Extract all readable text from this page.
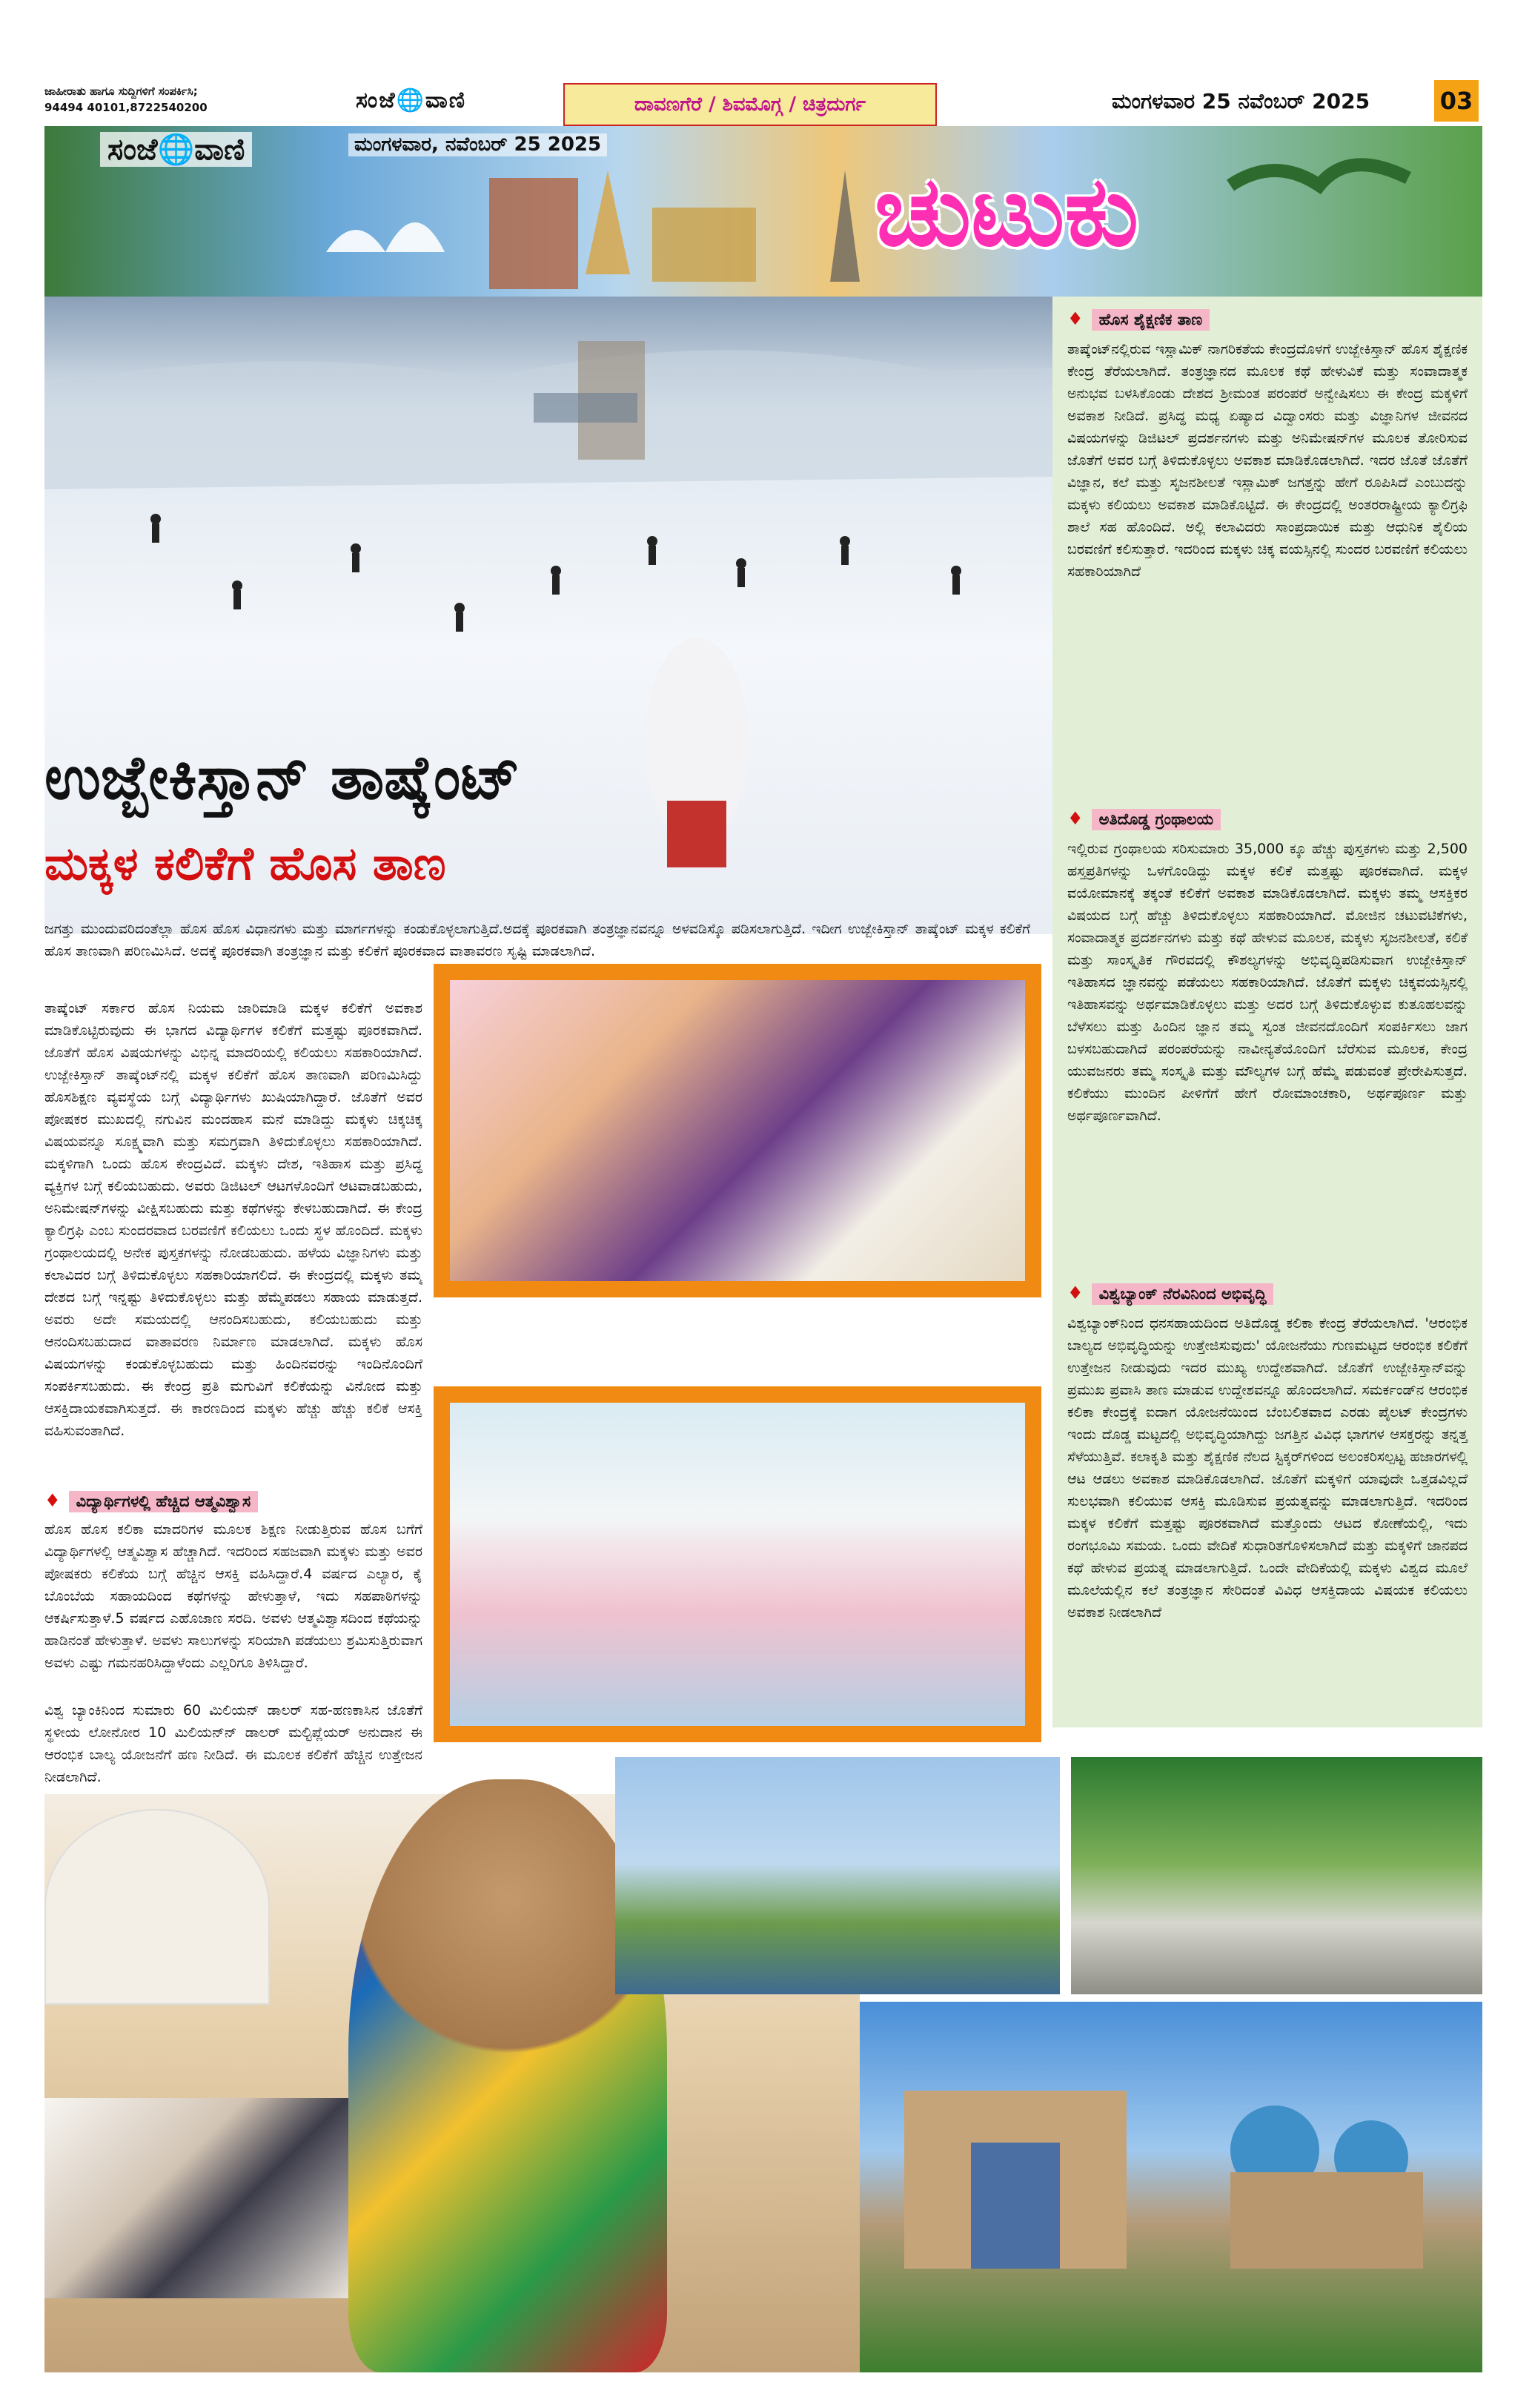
ಜಾಹೀರಾತು ಹಾಗೂ ಸುದ್ದಿಗಳಿಗೆ ಸಂಪರ್ಕಿಸಿ;
94494 40101,8722540200	ಸಂಜೆ🌐ವಾಣಿ	ದಾವಣಗೆರೆ / ಶಿವಮೊಗ್ಗ / ಚಿತ್ರದುರ್ಗ	ಮಂಗಳವಾರ 25 ನವೆಂಬರ್ 2025	03
ಸಂಜೆ🌐ವಾಣಿ	ಮಂಗಳವಾರ, ನವೆಂಬರ್ 25 2025
ಚುಟುಕು
ಉಜ್ಬೇಕಿಸ್ತಾನ್ ತಾಷ್ಕೆಂಟ್
ಮಕ್ಕಳ ಕಲಿಕೆಗೆ ಹೊಸ ತಾಣ
♦ ಹೊಸ ಶೈಕ್ಷಣಿಕ ತಾಣ
ತಾಷ್ಕೆಂಟ್‌ನಲ್ಲಿರುವ ಇಸ್ಲಾಮಿಕ್ ನಾಗರಿಕತೆಯ ಕೇಂದ್ರದೊಳಗೆ ಉಜ್ಬೇಕಿಸ್ತಾನ್ ಹೊಸ ಶೈಕ್ಷಣಿಕ ಕೇಂದ್ರ ತೆರೆಯಲಾಗಿದೆ. ತಂತ್ರಜ್ಞಾನದ ಮೂಲಕ ಕಥೆ ಹೇಳುವಿಕೆ ಮತ್ತು ಸಂವಾದಾತ್ಮಕ ಅನುಭವ ಬಳಸಿಕೊಂಡು ದೇಶದ ಶ್ರೀಮಂತ ಪರಂಪರೆ ಅನ್ವೇಷಿಸಲು ಈ ಕೇಂದ್ರ ಮಕ್ಕಳಿಗೆ ಅವಕಾಶ ನೀಡಿದೆ. ಪ್ರಸಿದ್ಧ ಮಧ್ಯ ಏಷ್ಯಾದ ವಿದ್ವಾಂಸರು ಮತ್ತು ವಿಜ್ಞಾನಿಗಳ ಜೀವನದ ವಿಷಯಗಳನ್ನು ಡಿಜಿಟಲ್ ಪ್ರದರ್ಶನಗಳು ಮತ್ತು ಅನಿಮೇಷನ್‌ಗಳ ಮೂಲಕ ತೋರಿಸುವ ಜೊತೆಗೆ ಅವರ ಬಗ್ಗೆ ತಿಳಿದುಕೊಳ್ಳಲು ಅವಕಾಶ ಮಾಡಿಕೊಡಲಾಗಿದೆ. ಇದರ ಜೊತೆ ಜೊತೆಗೆ ವಿಜ್ಞಾನ, ಕಲೆ ಮತ್ತು ಸೃಜನಶೀಲತೆ ಇಸ್ಲಾಮಿಕ್ ಜಗತ್ತನ್ನು ಹೇಗೆ ರೂಪಿಸಿದೆ ಎಂಬುದನ್ನು ಮಕ್ಕಳು ಕಲಿಯಲು ಅವಕಾಶ ಮಾಡಿಕೊಟ್ಟಿದೆ. ಈ ಕೇಂದ್ರದಲ್ಲಿ ಅಂತರರಾಷ್ಟ್ರೀಯ ಕ್ಯಾಲಿಗ್ರಫಿ ಶಾಲೆ ಸಹ ಹೊಂದಿದೆ. ಅಲ್ಲಿ ಕಲಾವಿದರು ಸಾಂಪ್ರದಾಯಿಕ ಮತ್ತು ಆಧುನಿಕ ಶೈಲಿಯ ಬರವಣಿಗೆ ಕಲಿಸುತ್ತಾರೆ. ಇದರಿಂದ ಮಕ್ಕಳು ಚಿಕ್ಕ ವಯಸ್ಸಿನಲ್ಲಿ ಸುಂದರ ಬರವಣಿಗೆ ಕಲಿಯಲು ಸಹಕಾರಿಯಾಗಿದೆ
♦ ಅತಿದೊಡ್ಡ ಗ್ರಂಥಾಲಯ
ಇಲ್ಲಿರುವ ಗ್ರಂಥಾಲಯ ಸರಿಸುಮಾರು 35,000 ಕ್ಕೂ ಹೆಚ್ಚು ಪುಸ್ತಕಗಳು ಮತ್ತು 2,500 ಹಸ್ತಪ್ರತಿಗಳನ್ನು ಒಳಗೊಂಡಿದ್ದು ಮಕ್ಕಳ ಕಲಿಕೆ ಮತ್ತಷ್ಟು ಪೂರಕವಾಗಿದೆ. ಮಕ್ಕಳ ವಯೋಮಾನಕ್ಕೆ ತಕ್ಕಂತೆ ಕಲಿಕೆಗೆ ಅವಕಾಶ ಮಾಡಿಕೊಡಲಾಗಿದೆ. ಮಕ್ಕಳು ತಮ್ಮ ಆಸಕ್ತಿಕರ ವಿಷಯದ ಬಗ್ಗೆ ಹೆಚ್ಚು ತಿಳಿದುಕೊಳ್ಳಲು ಸಹಕಾರಿಯಾಗಿದೆ. ಮೋಜಿನ ಚಟುವಟಿಕೆಗಳು, ಸಂವಾದಾತ್ಮಕ ಪ್ರದರ್ಶನಗಳು ಮತ್ತು ಕಥೆ ಹೇಳುವ ಮೂಲಕ, ಮಕ್ಕಳು ಸೃಜನಶೀಲತೆ, ಕಲಿಕೆ ಮತ್ತು ಸಾಂಸ್ಕೃತಿಕ ಗೌರವದಲ್ಲಿ ಕೌಶಲ್ಯಗಳನ್ನು ಅಭಿವೃದ್ಧಿಪಡಿಸುವಾಗ ಉಜ್ಬೇಕಿಸ್ತಾನ್ ಇತಿಹಾಸದ ಜ್ಞಾನವನ್ನು ಪಡೆಯಲು ಸಹಕಾರಿಯಾಗಿದೆ. ಜೊತೆಗೆ ಮಕ್ಕಳು ಚಿಕ್ಕವಯಸ್ಸಿನಲ್ಲಿ ಇತಿಹಾಸವನ್ನು ಅರ್ಥಮಾಡಿಕೊಳ್ಳಲು ಮತ್ತು ಅದರ ಬಗ್ಗೆ ತಿಳಿದುಕೊಳ್ಳುವ ಕುತೂಹಲವನ್ನು ಬೆಳೆಸಲು ಮತ್ತು ಹಿಂದಿನ ಜ್ಞಾನ ತಮ್ಮ ಸ್ವಂತ ಜೀವನದೊಂದಿಗೆ ಸಂಪರ್ಕಿಸಲು ಜಾಗ ಬಳಸಬಹುದಾಗಿದೆ ಪರಂಪರೆಯನ್ನು ನಾವೀನ್ಯತೆಯೊಂದಿಗೆ ಬೆರೆಸುವ ಮೂಲಕ, ಕೇಂದ್ರ ಯುವಜನರು ತಮ್ಮ ಸಂಸ್ಕೃತಿ ಮತ್ತು ಮೌಲ್ಯಗಳ ಬಗ್ಗೆ ಹೆಮ್ಮೆ ಪಡುವಂತೆ ಪ್ರೇರೇಪಿಸುತ್ತದೆ. ಕಲಿಕೆಯು ಮುಂದಿನ ಪೀಳಿಗೆಗೆ ಹೇಗೆ ರೋಮಾಂಚಕಾರಿ, ಅರ್ಥಪೂರ್ಣ ಮತ್ತು ಅರ್ಥಪೂರ್ಣವಾಗಿದೆ.
♦ ವಿಶ್ವಬ್ಯಾಂಕ್ ನೆರವಿನಿಂದ ಅಭಿವೃದ್ಧಿ
ವಿಶ್ವಬ್ಯಾಂಕ್‌ನಿಂದ ಧನಸಹಾಯದಿಂದ ಅತಿದೊಡ್ಡ ಕಲಿಕಾ ಕೇಂದ್ರ ತೆರೆಯಲಾಗಿದೆ. 'ಆರಂಭಿಕ ಬಾಲ್ಯದ ಅಭಿವೃದ್ಧಿಯನ್ನು ಉತ್ತೇಜಿಸುವುದು' ಯೋಜನೆಯು ಗುಣಮಟ್ಟದ ಆರಂಭಿಕ ಕಲಿಕೆಗೆ ಉತ್ತೇಜನ ನೀಡುವುದು ಇದರ ಮುಖ್ಯ ಉದ್ದೇಶವಾಗಿದೆ. ಜೊತೆಗೆ ಉಜ್ಬೇಕಿಸ್ತಾನ್‌ವನ್ನು ಪ್ರಮುಖ ಪ್ರವಾಸಿ ತಾಣ ಮಾಡುವ ಉದ್ದೇಶವನ್ನೂ ಹೊಂದಲಾಗಿದೆ. ಸಮರ್ಕಂಡ್‌ನ ಆರಂಭಿಕ ಕಲಿಕಾ ಕೇಂದ್ರಕ್ಕೆ ಐದಾಗ ಯೋಜನೆಯಿಂದ ಬೆಂಬಲಿತವಾದ ಎರಡು ಪೈಲಟ್ ಕೇಂದ್ರಗಳು ಇಂದು ದೊಡ್ಡ ಮಟ್ಟದಲ್ಲಿ ಅಭಿವೃದ್ಧಿಯಾಗಿದ್ದು ಜಗತ್ತಿನ ವಿವಿಧ ಭಾಗಗಳ ಆಸಕ್ತರನ್ನು ತನ್ನತ್ತ ಸೆಳೆಯುತ್ತಿವೆ. ಕಲಾಕೃತಿ ಮತ್ತು ಶೈಕ್ಷಣಿಕ ನೆಲದ ಸ್ಟಿಕ್ಕರ್‌ಗಳಿಂದ ಅಲಂಕರಿಸಲ್ಪಟ್ಟ ಹಜಾರಗಳಲ್ಲಿ ಆಟ ಆಡಲು ಅವಕಾಶ ಮಾಡಿಕೊಡಲಾಗಿದೆ. ಜೊತೆಗೆ ಮಕ್ಕಳಿಗೆ ಯಾವುದೇ ಒತ್ತಡವಿಲ್ಲದೆ ಸುಲಭವಾಗಿ ಕಲಿಯುವ ಆಸಕ್ತಿ ಮೂಡಿಸುವ ಪ್ರಯತ್ನವನ್ನು ಮಾಡಲಾಗುತ್ತಿದೆ. ಇದರಿಂದ ಮಕ್ಕಳ ಕಲಿಕೆಗೆ ಮತ್ತಷ್ಟು ಪೂರಕವಾಗಿದೆ ಮತ್ತೊಂದು ಆಟದ ಕೋಣೆಯಲ್ಲಿ, ಇದು ರಂಗಭೂಮಿ ಸಮಯ. ಒಂದು ವೇದಿಕೆ ಸುಧಾರಿತಗೊಳಿಸಲಾಗಿದೆ ಮತ್ತು ಮಕ್ಕಳಿಗೆ ಜಾನಪದ ಕಥೆ ಹೇಳುವ ಪ್ರಯತ್ನ ಮಾಡಲಾಗುತ್ತಿದೆ. ಒಂದೇ ವೇದಿಕೆಯಲ್ಲಿ ಮಕ್ಕಳು ವಿಶ್ವದ ಮೂಲೆ ಮೂಲೆಯಲ್ಲಿನ ಕಲೆ ತಂತ್ರಜ್ಞಾನ ಸೇರಿದಂತೆ ವಿವಿಧ ಆಸಕ್ತಿದಾಯ ವಿಷಯಕ ಕಲಿಯಲು ಅವಕಾಶ ನೀಡಲಾಗಿದೆ
ಜಗತ್ತು ಮುಂದುವರಿದಂತೆಲ್ಲಾ ಹೊಸ ಹೊಸ ವಿಧಾನಗಳು ಮತ್ತು ಮಾರ್ಗಗಳನ್ನು ಕಂಡುಕೊಳ್ಳಲಾಗುತ್ತಿದೆ.ಅದಕ್ಕೆ ಪೂರಕವಾಗಿ ತಂತ್ರಜ್ಞಾನವನ್ನೂ ಅಳವಡಿಸ್ಕೊ ಪಡಿಸಲಾಗುತ್ತಿದೆ. ಇದೀಗ ಉಜ್ಬೇಕಿಸ್ತಾನ್ ತಾಷ್ಕೆಂಟ್ ಮಕ್ಕಳ ಕಲಿಕೆಗೆ ಹೊಸ ತಾಣವಾಗಿ ಪರಿಣಮಿಸಿದೆ. ಅದಕ್ಕೆ ಪೂರಕವಾಗಿ ತಂತ್ರಜ್ಞಾನ ಮತ್ತು ಕಲಿಕೆಗೆ ಪೂರಕವಾದ ವಾತಾವರಣ ಸೃಷ್ಟಿ ಮಾಡಲಾಗಿದೆ.
ತಾಷ್ಕೆಂಟ್ ಸರ್ಕಾರ ಹೊಸ ನಿಯಮ ಜಾರಿಮಾಡಿ ಮಕ್ಕಳ ಕಲಿಕೆಗೆ ಅವಕಾಶ ಮಾಡಿಕೊಟ್ಟಿರುವುದು ಈ ಭಾಗದ ವಿದ್ಯಾರ್ಥಿಗಳ ಕಲಿಕೆಗೆ ಮತ್ತಷ್ಟು ಪೂರಕವಾಗಿದೆ. ಜೊತೆಗೆ ಹೊಸ ವಿಷಯಗಳನ್ನು ವಿಭಿನ್ನ ಮಾದರಿಯಲ್ಲಿ ಕಲಿಯಲು ಸಹಕಾರಿಯಾಗಿದೆ. ಉಜ್ಬೇಕಿಸ್ತಾನ್ ತಾಷ್ಕೆಂಟ್‌ನಲ್ಲಿ ಮಕ್ಕಳ ಕಲಿಕೆಗೆ ಹೊಸ ತಾಣವಾಗಿ ಪರಿಣಮಿಸಿದ್ದು ಹೊಸಶಿಕ್ಷಣ ವ್ಯವಸ್ಥೆಯ ಬಗ್ಗೆ ವಿದ್ಯಾರ್ಥಿಗಳು ಖುಷಿಯಾಗಿದ್ದಾರೆ. ಜೊತೆಗೆ ಅವರ ಪೋಷಕರ ಮುಖದಲ್ಲಿ ನಗುವಿನ ಮಂದಹಾಸ ಮನೆ ಮಾಡಿದ್ದು ಮಕ್ಕಳು ಚಿಕ್ಕಚಿಕ್ಕ ವಿಷಯವನ್ನೂ ಸೂಕ್ಷ್ಮವಾಗಿ ಮತ್ತು ಸಮಗ್ರವಾಗಿ ತಿಳಿದುಕೊಳ್ಳಲು ಸಹಕಾರಿಯಾಗಿದೆ. ಮಕ್ಕಳಿಗಾಗಿ ಒಂದು ಹೊಸ ಕೇಂದ್ರವಿದೆ. ಮಕ್ಕಳು ದೇಶ, ಇತಿಹಾಸ ಮತ್ತು ಪ್ರಸಿದ್ಧ ವ್ಯಕ್ತಿಗಳ ಬಗ್ಗೆ ಕಲಿಯಬಹುದು. ಅವರು ಡಿಜಿಟಲ್ ಆಟಗಳೊಂದಿಗೆ ಆಟವಾಡಬಹುದು, ಅನಿಮೇಷನ್‌ಗಳನ್ನು ವೀಕ್ಷಿಸಬಹುದು ಮತ್ತು ಕಥೆಗಳನ್ನು ಕೇಳಬಹುದಾಗಿದೆ. ಈ ಕೇಂದ್ರ ಕ್ಯಾಲಿಗ್ರಫಿ ಎಂಬ ಸುಂದರವಾದ ಬರವಣಿಗೆ ಕಲಿಯಲು ಒಂದು ಸ್ಥಳ ಹೊಂದಿದೆ. ಮಕ್ಕಳು ಗ್ರಂಥಾಲಯದಲ್ಲಿ ಅನೇಕ ಪುಸ್ತಕಗಳನ್ನು ನೋಡಬಹುದು. ಹಳೆಯ ವಿಜ್ಞಾನಿಗಳು ಮತ್ತು ಕಲಾವಿದರ ಬಗ್ಗೆ ತಿಳಿದುಕೊಳ್ಳಲು ಸಹಕಾರಿಯಾಗಲಿದೆ. ಈ ಕೇಂದ್ರದಲ್ಲಿ ಮಕ್ಕಳು ತಮ್ಮ ದೇಶದ ಬಗ್ಗೆ ಇನ್ನಷ್ಟು ತಿಳಿದುಕೊಳ್ಳಲು ಮತ್ತು ಹೆಮ್ಮೆಪಡಲು ಸಹಾಯ ಮಾಡುತ್ತದೆ. ಅವರು ಅದೇ ಸಮಯದಲ್ಲಿ ಆನಂದಿಸಬಹುದು, ಕಲಿಯಬಹುದು ಮತ್ತು ಆನಂದಿಸಬಹುದಾದ ವಾತಾವರಣ ನಿರ್ಮಾಣ ಮಾಡಲಾಗಿದೆ. ಮಕ್ಕಳು ಹೊಸ ವಿಷಯಗಳನ್ನು ಕಂಡುಕೊಳ್ಳಬಹುದು ಮತ್ತು ಹಿಂದಿನವರನ್ನು ಇಂದಿನೊಂದಿಗೆ ಸಂಪರ್ಕಿಸಬಹುದು. ಈ ಕೇಂದ್ರ ಪ್ರತಿ ಮಗುವಿಗೆ ಕಲಿಕೆಯನ್ನು ವಿನೋದ ಮತ್ತು ಆಸಕ್ತಿದಾಯಕವಾಗಿಸುತ್ತದೆ. ಈ ಕಾರಣದಿಂದ ಮಕ್ಕಳು ಹೆಚ್ಚು ಹೆಚ್ಚು ಕಲಿಕೆ ಆಸಕ್ತಿ ವಹಿಸುವಂತಾಗಿದೆ.
♦ ವಿದ್ಯಾರ್ಥಿಗಳಲ್ಲಿ ಹೆಚ್ಚಿದ ಆತ್ಮವಿಶ್ವಾಸ
ಹೊಸ ಹೊಸ ಕಲಿಕಾ ಮಾದರಿಗಳ ಮೂಲಕ ಶಿಕ್ಷಣ ನೀಡುತ್ತಿರುವ ಹೊಸ ಬಗೆಗೆ ವಿದ್ಯಾರ್ಥಿಗಳಲ್ಲಿ ಆತ್ಮವಿಶ್ವಾಸ ಹೆಚ್ಚಾಗಿದೆ. ಇದರಿಂದ ಸಹಜವಾಗಿ ಮಕ್ಕಳು ಮತ್ತು ಅವರ ಪೋಷಕರು ಕಲಿಕೆಯ ಬಗ್ಗೆ ಹೆಚ್ಚಿನ ಆಸಕ್ತಿ ವಹಿಸಿದ್ದಾರೆ.4 ವರ್ಷದ ಎಲ್ಯಾರ, ಕೈ ಬೊಂಬೆಯ ಸಹಾಯದಿಂದ ಕಥೆಗಳನ್ನು ಹೇಳುತ್ತಾಳೆ, ಇದು ಸಹಪಾಠಿಗಳನ್ನು ಆಕರ್ಷಿಸುತ್ತಾಳೆ.5 ವರ್ಷದ ಎಹೊಜಾಣ ಸರದಿ. ಅವಳು ಆತ್ಮವಿಶ್ವಾಸದಿಂದ ಕಥೆಯನ್ನು ಹಾಡಿನಂತೆ ಹೇಳುತ್ತಾಳೆ. ಅವಳು ಸಾಲುಗಳನ್ನು ಸರಿಯಾಗಿ ಪಡೆಯಲು ಶ್ರಮಿಸುತ್ತಿರುವಾಗ ಅವಳು ಎಷ್ಟು ಗಮನಹರಿಸಿದ್ದಾಳೆಂದು ಎಲ್ಲರಿಗೂ ತಿಳಿಸಿದ್ದಾರೆ.
ವಿಶ್ವ ಬ್ಯಾಂಕಿನಿಂದ ಸುಮಾರು 60 ಮಿಲಿಯನ್ ಡಾಲರ್ ಸಹ-ಹಣಕಾಸಿನ ಜೊತೆಗೆ ಸ್ಥಳೀಯ ಲೋನೋರ 10 ಮಿಲಿಯನ್‌ನ್ ಡಾಲರ್ ಮಲ್ಟಿಪ್ಲೆಯರ್ ಅನುದಾನ ಈ ಆರಂಭಿಕ ಬಾಲ್ಯ ಯೋಜನೆಗೆ ಹಣ ನೀಡಿದೆ. ಈ ಮೂಲಕ ಕಲಿಕೆಗೆ ಹೆಚ್ಚಿನ ಉತ್ತೇಜನ ನೀಡಲಾಗಿದೆ.
